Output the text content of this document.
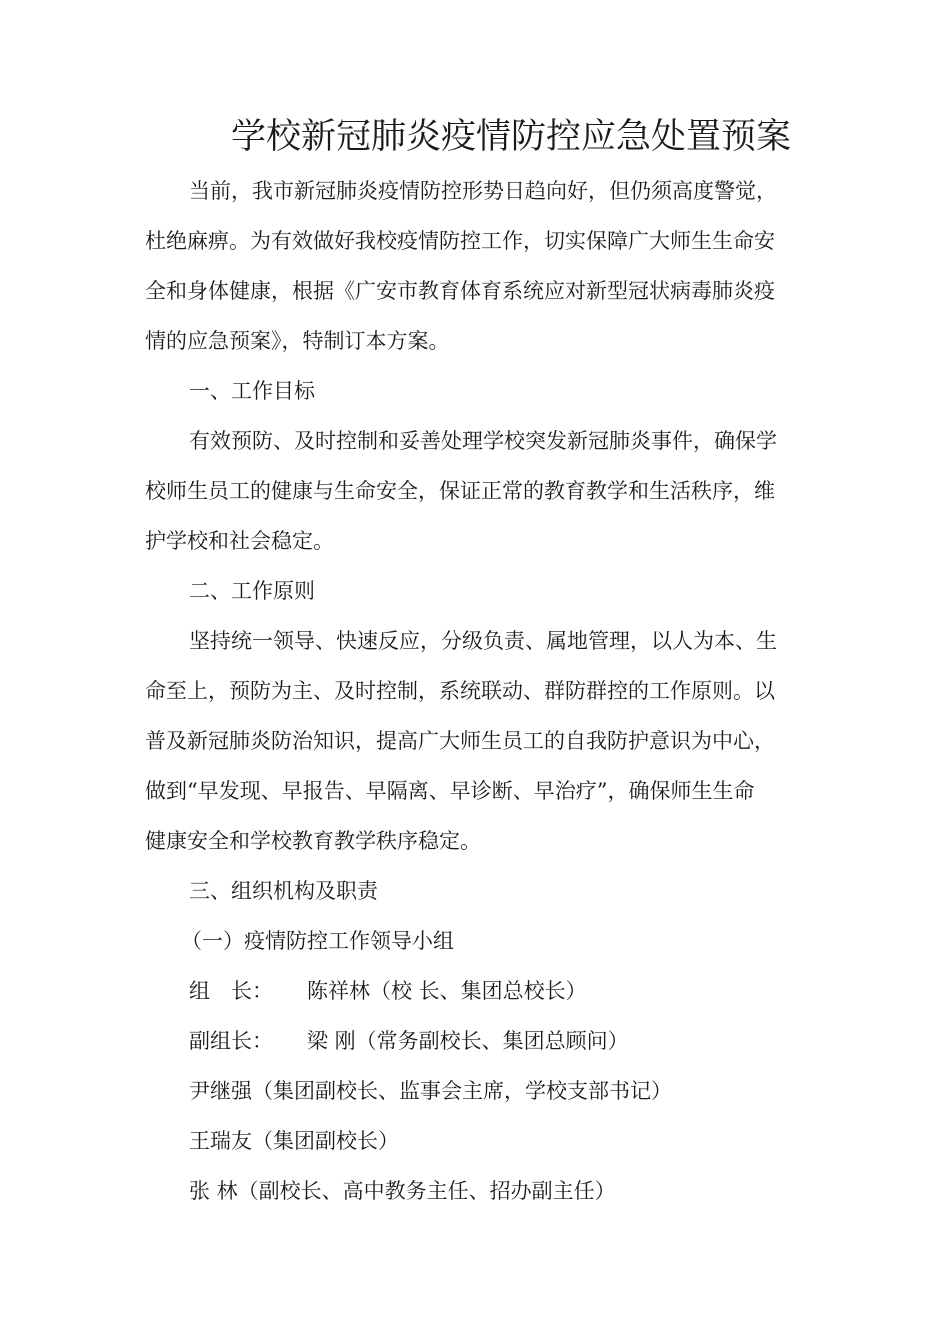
学校新冠肺炎疫情防控应急处置预案
当前，我市新冠肺炎疫情防控形势日趋向好，但仍须高度警觉，
杜绝麻痹。为有效做好我校疫情防控工作，切实保障广大师生生命安
全和身体健康，根据《广安市教育体育系统应对新型冠状病毒肺炎疫
情的应急预案》，特制订本方案。
一、工作目标
有效预防、及时控制和妥善处理学校突发新冠肺炎事件，确保学
校师生员工的健康与生命安全，保证正常的教育教学和生活秩序，维
护学校和社会稳定。
二、工作原则
坚持统一领导、快速反应，分级负责、属地管理，以人为本、生
命至上，预防为主、及时控制，系统联动、群防群控的工作原则。以
普及新冠肺炎防治知识，提高广大师生员工的自我防护意识为中心，
做到“早发现、早报告、早隔离、早诊断、早治疗”，确保师生生命
健康安全和学校教育教学秩序稳定。
三、组织机构及职责
（一）疫情防控工作领导小组
组　长： 陈祥林（校 长、集团总校长）
副组长： 梁 刚（常务副校长、集团总顾问）
尹继强（集团副校长、监事会主席，学校支部书记）
王瑞友（集团副校长）
张 林（副校长、高中教务主任、招办副主任）
